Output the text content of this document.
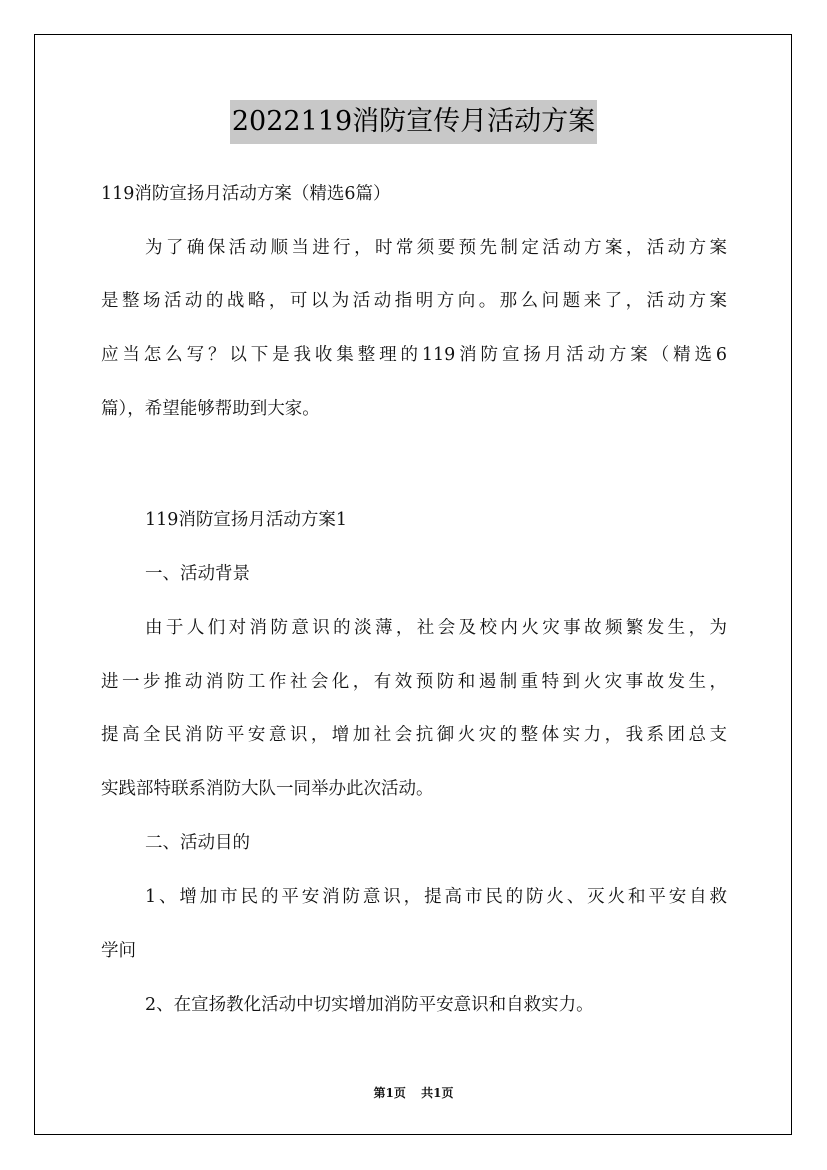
2022119消防宣传月活动方案
119消防宣扬月活动方案（精选6篇）
为了确保活动顺当进行，时常须要预先制定活动方案，活动方案
是整场活动的战略，可以为活动指明方向。那么问题来了，活动方案
应当怎么写？以下是我收集整理的119消防宣扬月活动方案（精选6
篇），希望能够帮助到大家。
119消防宣扬月活动方案1
一、活动背景
由于人们对消防意识的淡薄，社会及校内火灾事故频繁发生，为
进一步推动消防工作社会化，有效预防和遏制重特到火灾事故发生，
提高全民消防平安意识，增加社会抗御火灾的整体实力，我系团总支
实践部特联系消防大队一同举办此次活动。
二、活动目的
1、增加市民的平安消防意识，提高市民的防火、灭火和平安自救
学问
2、在宣扬教化活动中切实增加消防平安意识和自救实力。
第1页 共1页
